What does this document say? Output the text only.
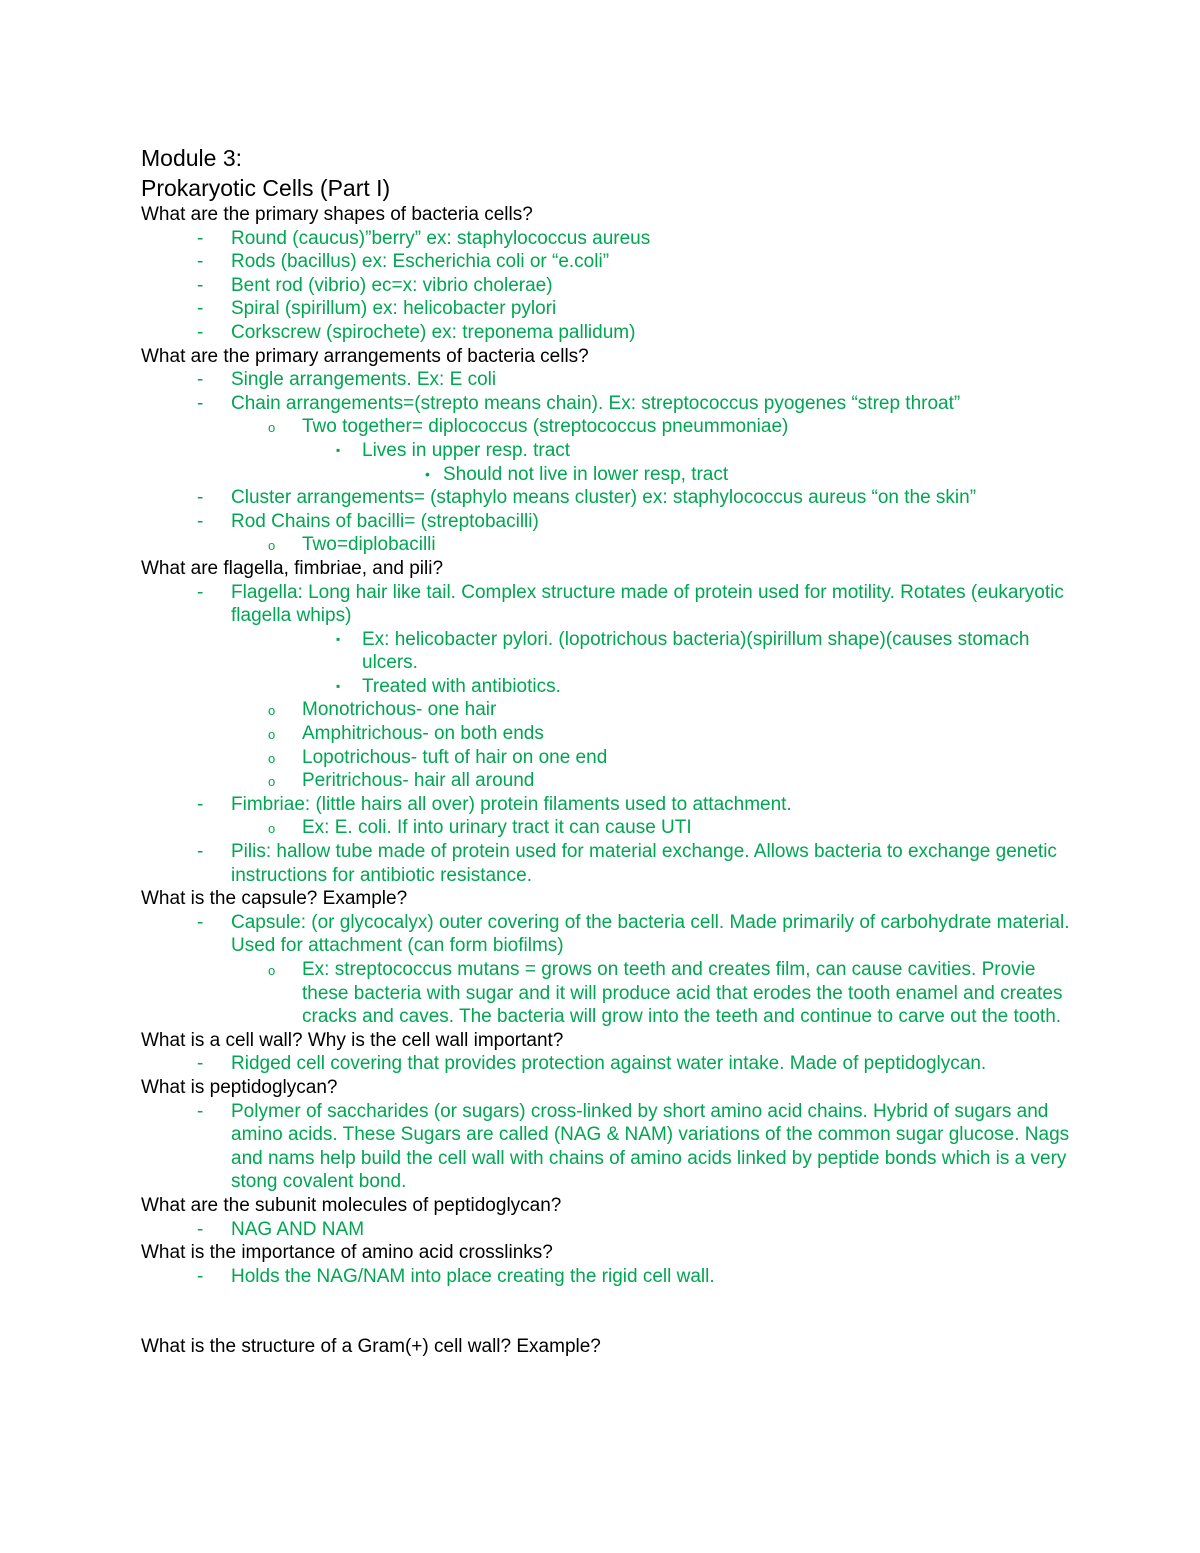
Module 3:
Prokaryotic Cells (Part I)
What are the primary shapes of bacteria cells?
- Round (caucus)”berry” ex: staphylococcus aureus
- Rods (bacillus) ex: Escherichia coli or “e.coli”
- Bent rod (vibrio) ec=x: vibrio cholerae)
- Spiral (spirillum) ex: helicobacter pylori
- Corkscrew (spirochete) ex: treponema pallidum)
What are the primary arrangements of bacteria cells?
- Single arrangements. Ex: E coli
- Chain arrangements=(strepto means chain). Ex: streptococcus pyogenes “strep throat”
o Two together= diplococcus (streptococcus pneummoniae)
▪ Lives in upper resp. tract
• Should not live in lower resp, tract
- Cluster arrangements= (staphylo means cluster) ex: staphylococcus aureus “on the skin”
- Rod Chains of bacilli= (streptobacilli)
o Two=diplobacilli
What are flagella, fimbriae, and pili?
- Flagella: Long hair like tail. Complex structure made of protein used for motility. Rotates (eukaryotic flagella whips)
▪ Ex: helicobacter pylori. (lopotrichous bacteria)(spirillum shape)(causes stomach ulcers.
▪ Treated with antibiotics.
o Monotrichous- one hair
o Amphitrichous- on both ends
o Lopotrichous- tuft of hair on one end
o Peritrichous- hair all around
- Fimbriae: (little hairs all over) protein filaments used to attachment.
o Ex: E. coli. If into urinary tract it can cause UTI
- Pilis: hallow tube made of protein used for material exchange. Allows bacteria to exchange genetic instructions for antibiotic resistance.
What is the capsule? Example?
- Capsule: (or glycocalyx) outer covering of the bacteria cell. Made primarily of carbohydrate material. Used for attachment (can form biofilms)
o Ex: streptococcus mutans = grows on teeth and creates film, can cause cavities. Provie these bacteria with sugar and it will produce acid that erodes the tooth enamel and creates cracks and caves. The bacteria will grow into the teeth and continue to carve out the tooth.
What is a cell wall? Why is the cell wall important?
- Ridged cell covering that provides protection against water intake. Made of peptidoglycan.
What is peptidoglycan?
- Polymer of saccharides (or sugars) cross-linked by short amino acid chains. Hybrid of sugars and amino acids. These Sugars are called (NAG & NAM) variations of the common sugar glucose. Nags and nams help build the cell wall with chains of amino acids linked by peptide bonds which is a very stong covalent bond.
What are the subunit molecules of peptidoglycan?
- NAG AND NAM
What is the importance of amino acid crosslinks?
- Holds the NAG/NAM into place creating the rigid cell wall.
What is the structure of a Gram(+) cell wall? Example?
